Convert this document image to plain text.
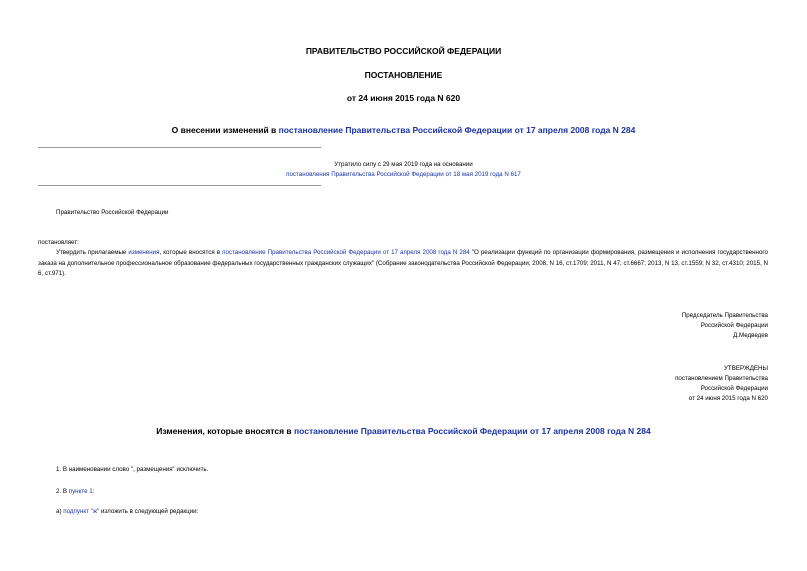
ПРАВИТЕЛЬСТВО РОССИЙСКОЙ ФЕДЕРАЦИИ
ПОСТАНОВЛЕНИЕ
от 24 июня 2015 года N 620
О внесении изменений в постановление Правительства Российской Федерации от 17 апреля 2008 года N 284
Утратило силу с 29 мая 2019 года на основании
постановления Правительства Российской Федерации от 18 мая 2019 года N 617
Правительство Российской Федерации
постановляет:
Утвердить прилагаемые изменения, которые вносятся в постановление Правительства Российской Федерации от 17 апреля 2008 года N 284 "О реализации функций по организации формирования, размещения и исполнения государственного заказа на дополнительное профессиональное образование федеральных государственных гражданских служащих" (Собрание законодательства Российской Федерации, 2008, N 16, ст.1709; 2011, N 47, ст.6667; 2013, N 13, ст.1559; N 32, ст.4310; 2015, N 6, ст.971).
Председатель Правительства
Российской Федерации
Д.Медведев
УТВЕРЖДЕНЫ
постановлением Правительства
Российской Федерации
от 24 июня 2015 года N 620
Изменения, которые вносятся в постановление Правительства Российской Федерации от 17 апреля 2008 года N 284
1. В наименовании слово ", размещения" исключить.
2. В пункте 1:
а) подпункт "ж" изложить в следующей редакции:
